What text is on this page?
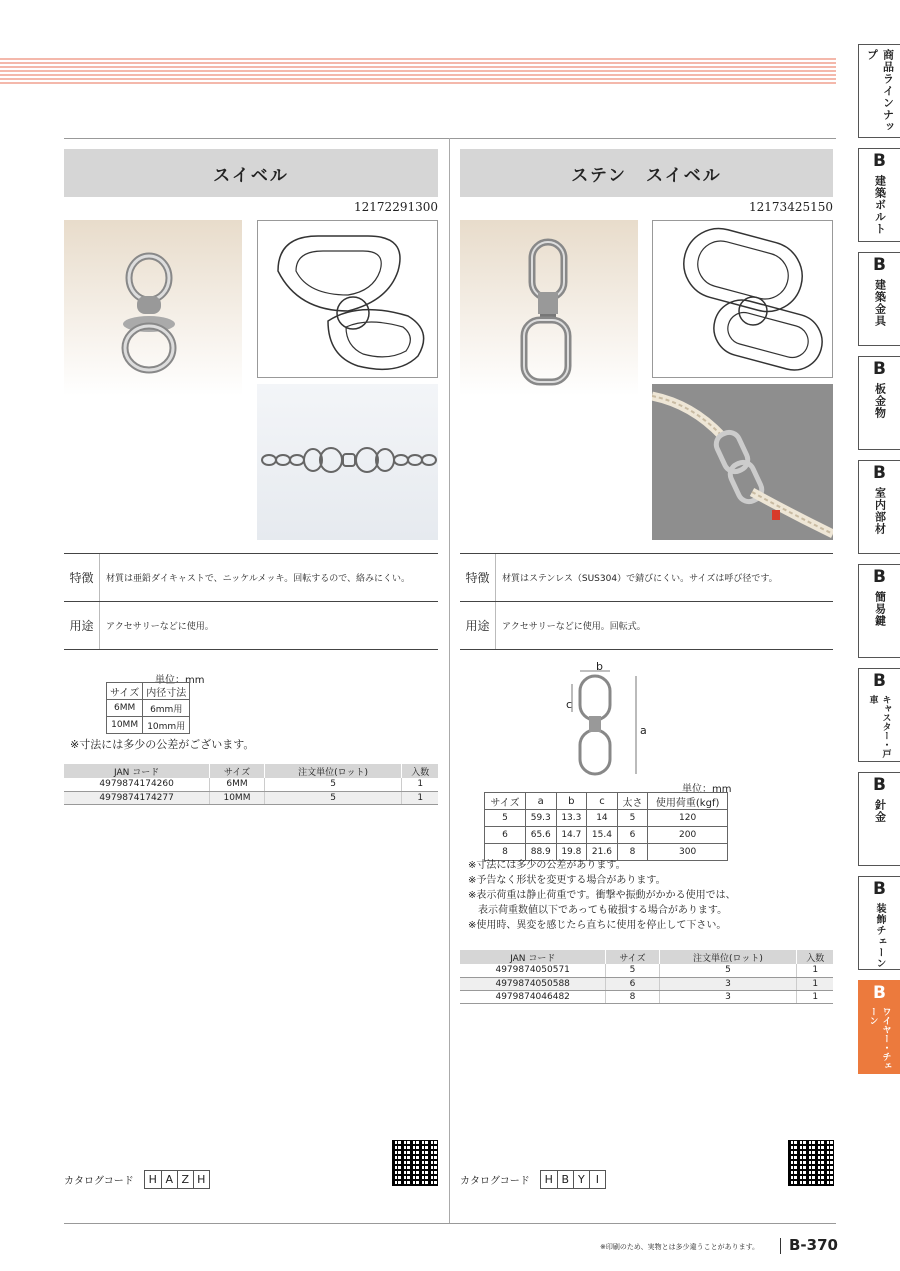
スイベル
12172291300
特徴	材質は亜鉛ダイキャストで、ニッケルメッキ。回転するので、絡みにくい。
用途	アクセサリーなどに使用。
単位：mm
サイズ	内径寸法
6MM	6mm用
10MM	10mm用
※寸法には多少の公差がございます。
JAN コード	サイズ	注文単位(ロット)	入数
4979874174260	6MM	5	1
4979874174277	10MM	5	1
カタログコード	H A Z H
ステン　スイベル
12173425150
特徴	材質はステンレス（SUS304）で錆びにくい。サイズは呼び径です。
用途	アクセサリーなどに使用。回転式。
b
c
a
単位：mm
サイズ	a	b	c	太さ	使用荷重(kgf)
5	59.3	13.3	14	5	120
6	65.6	14.7	15.4	6	200
8	88.9	19.8	21.6	8	300
※寸法には多少の公差があります。
※予告なく形状を変更する場合があります。
※表示荷重は静止荷重です。衝撃や振動がかかる使用では、
　表示荷重数値以下であっても破損する場合があります。
※使用時、異変を感じたら直ちに使用を停止して下さい。
JAN コード	サイズ	注文単位(ロット)	入数
4979874050571	5	5	1
4979874050588	6	3	1
4979874046482	8	3	1
カタログコード	H B Y	I
商品ラインナップ
B
建築ボルト
B
建築金具
B
板金物
B
室内部材
B
簡易鍵
B
キャスター・戸車
B
針金
B
装飾チェーン
B
ワイヤー・チェーン
※印刷のため、実物とは多少違うことがあります。 B-370
